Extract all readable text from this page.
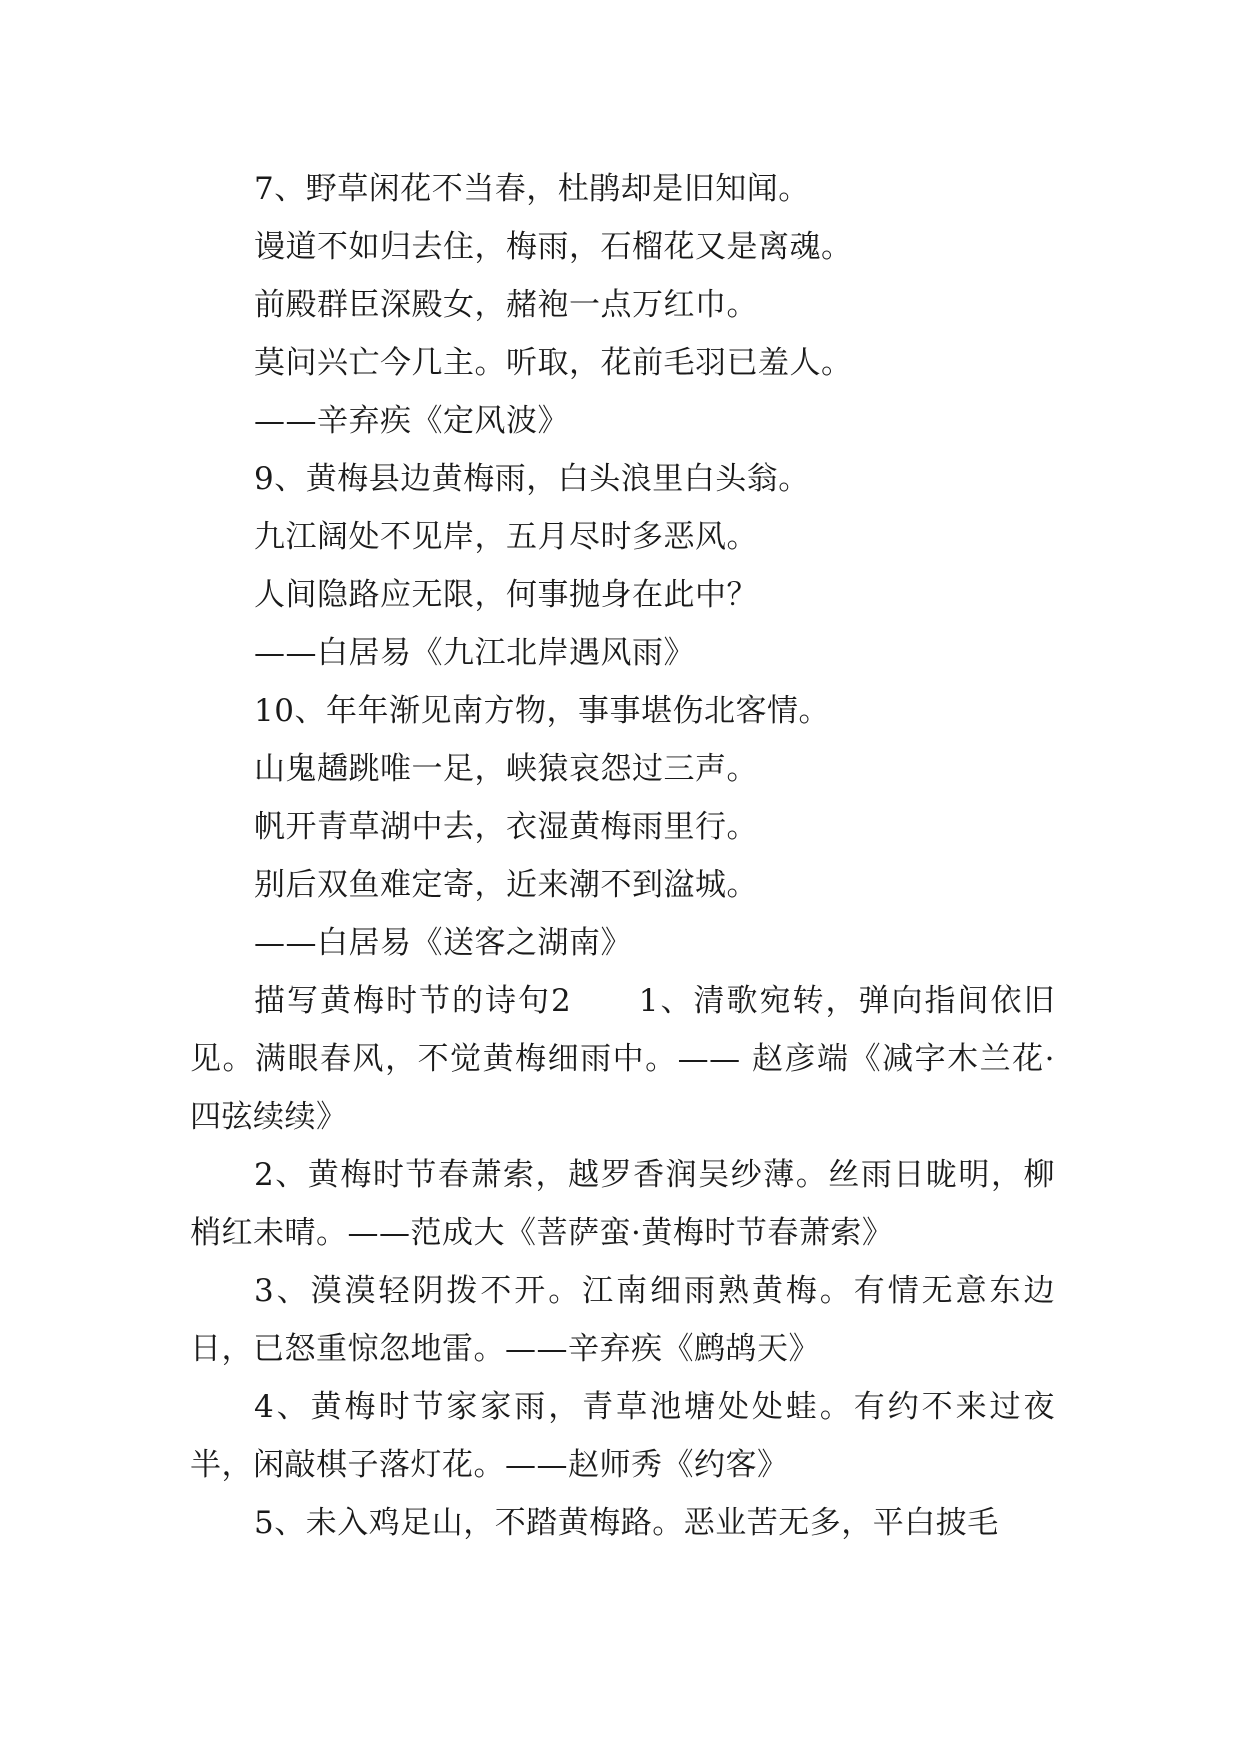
7、野草闲花不当春，杜鹃却是旧知闻。
谩道不如归去住，梅雨，石榴花又是离魂。
前殿群臣深殿女，赭袍一点万红巾。
莫问兴亡今几主。听取，花前毛羽已羞人。
——辛弃疾《定风波》
9、黄梅县边黄梅雨，白头浪里白头翁。
九江阔处不见岸，五月尽时多恶风。
人间隐路应无限，何事抛身在此中？
——白居易《九江北岸遇风雨》
10、年年渐见南方物，事事堪伤北客情。
山鬼趫跳唯一足，峡猿哀怨过三声。
帆开青草湖中去，衣湿黄梅雨里行。
别后双鱼难定寄，近来潮不到湓城。
——白居易《送客之湖南》

描写黄梅时节的诗句2　　1、清歌宛转，弹向指间依旧见。满眼春风，不觉黄梅细雨中。—— 赵彦端《减字木兰花·四弦续续》

2、黄梅时节春萧索，越罗香润吴纱薄。丝雨日昽明，柳梢红未晴。——范成大《菩萨蛮·黄梅时节春萧索》

3、漠漠轻阴拨不开。江南细雨熟黄梅。有情无意东边日，已怒重惊忽地雷。——辛弃疾《鹧鸪天》

4、黄梅时节家家雨，青草池塘处处蛙。有约不来过夜半，闲敲棋子落灯花。——赵师秀《约客》

5、未入鸡足山，不踏黄梅路。恶业苦无多，平白披毛
